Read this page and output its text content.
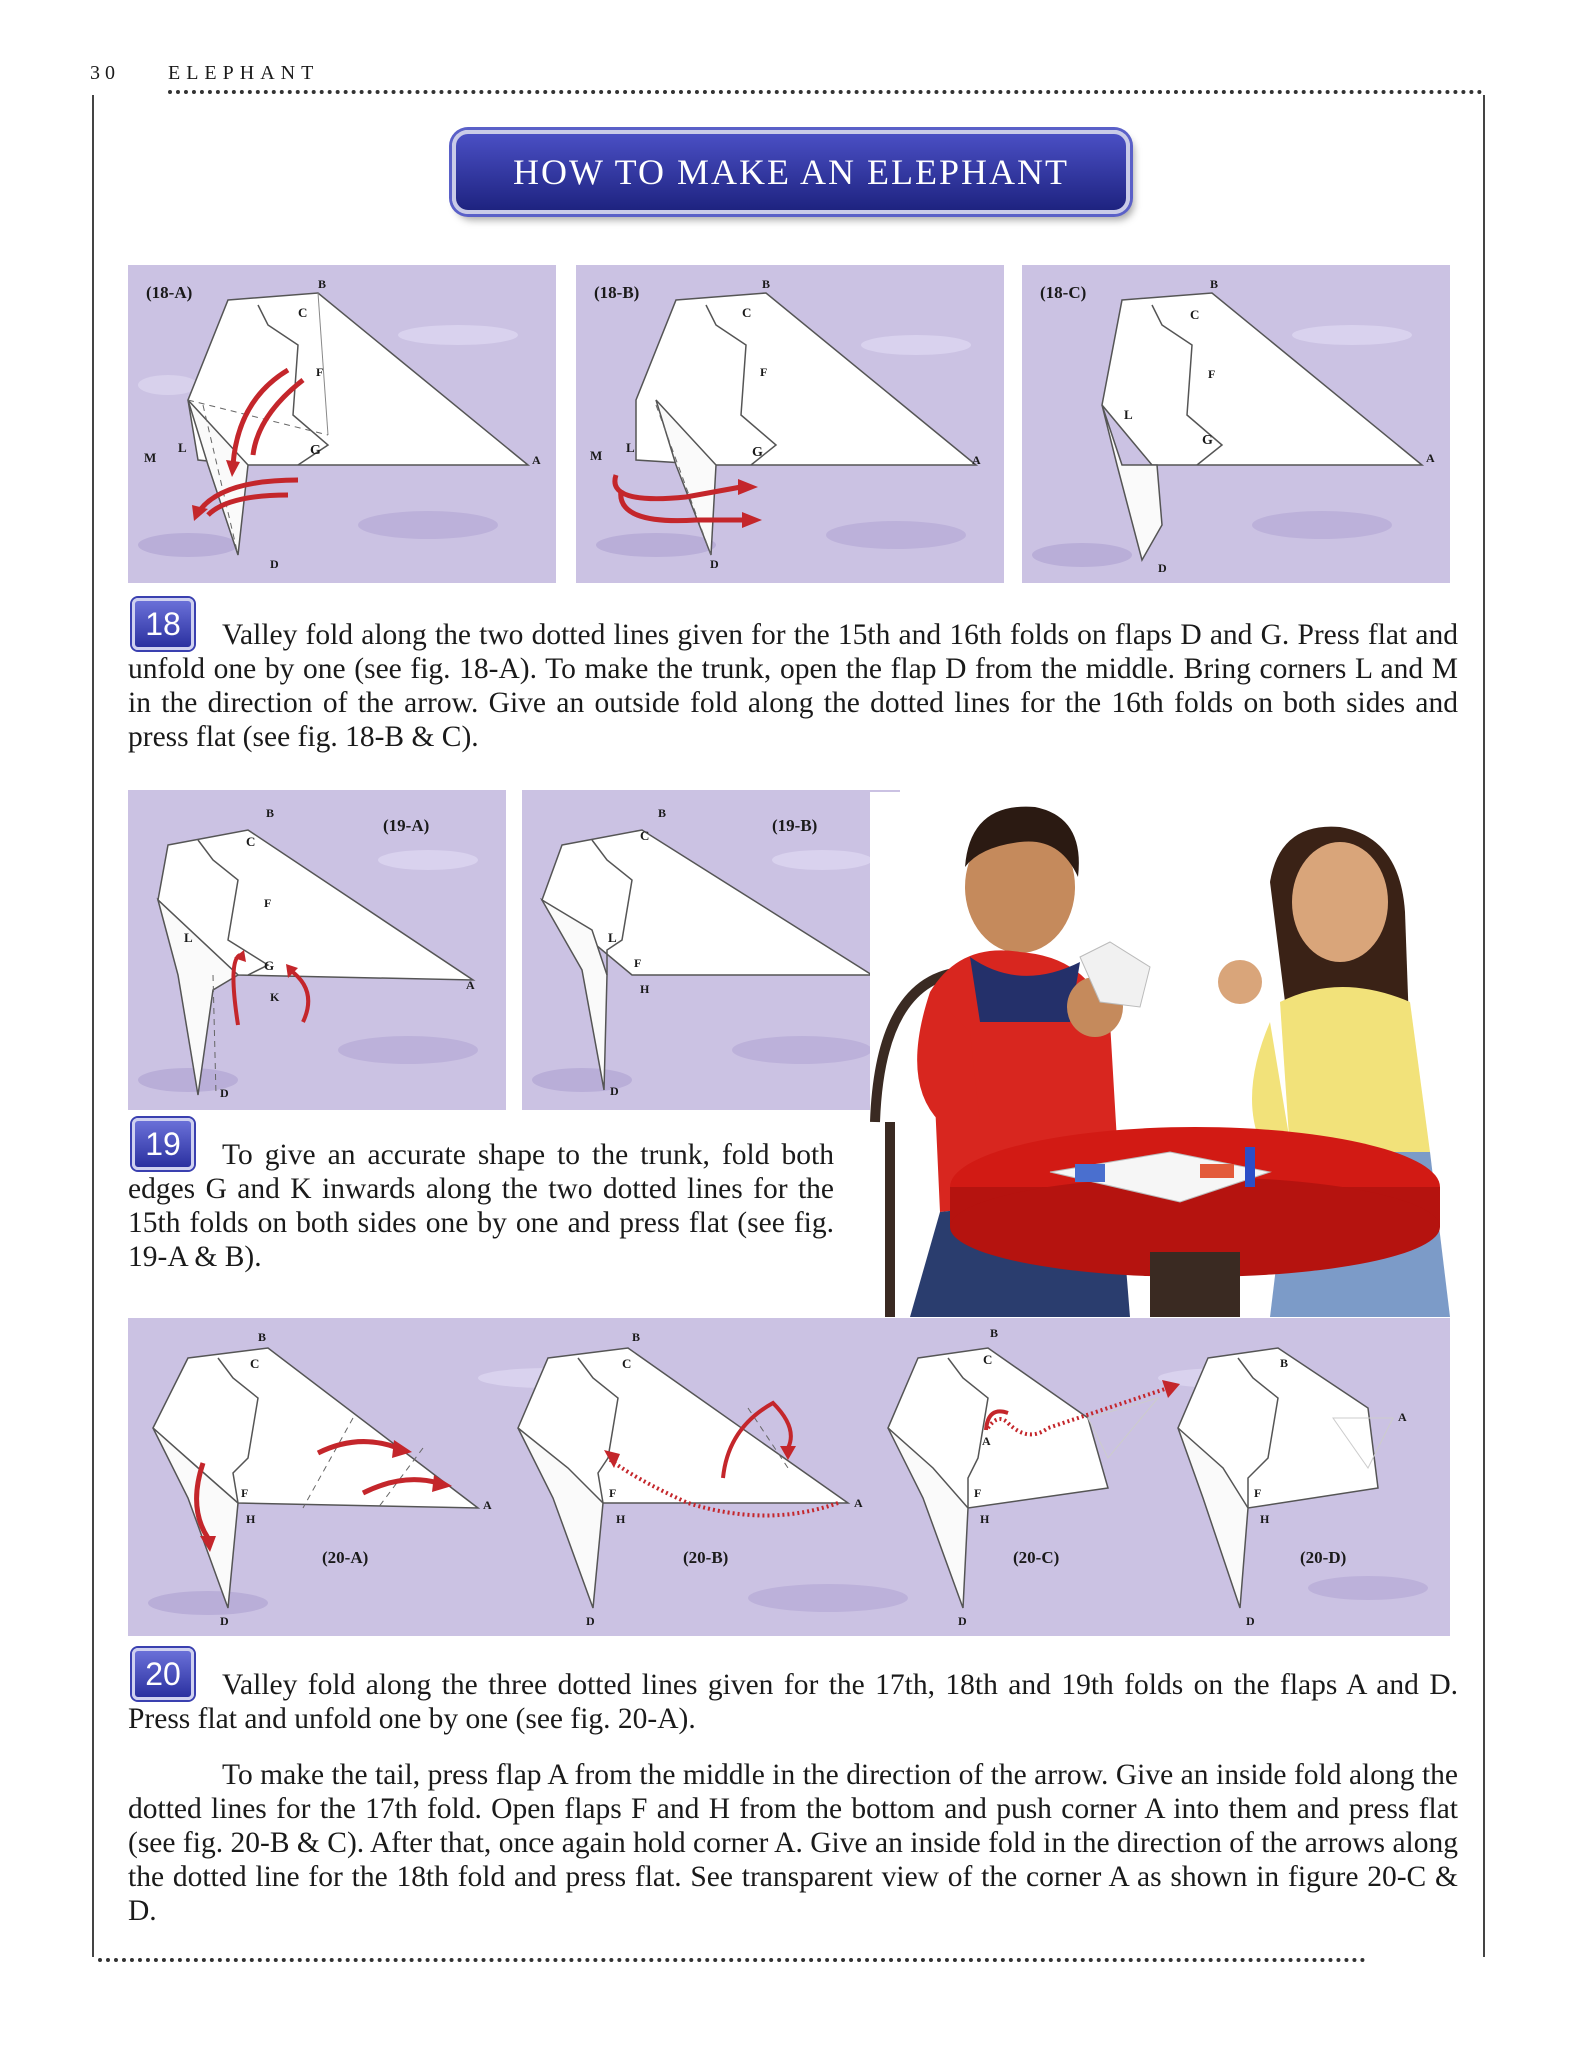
30 ELEPHANT
HOW TO MAKE AN ELEPHANT
(18-A)	B
C
F
L
M	G
A
D
(18-B)	B
C
F
L
M	G	A
D
(18-C)	B
C
F
L
G
A
D
18	Valley fold along the two dotted lines given for the 15th and 16th folds on flaps D and G. Press flat and unfold one by one (see fig. 18-A). To make the trunk, open the flap D from the middle. Bring corners L and M in the direction of the arrow. Give an outside fold along the dotted lines for the 16th folds on both sides and press flat (see fig. 18-B & C).
(19-A)
B
C
F
L
G
K
A
D
(19-B)
B
C
L
F
H
D
19	To give an accurate shape to the trunk, fold both edges G and K inwards along the two dotted lines for the 15th folds on both sides one by one and press flat (see fig. 19-A & B).
B
C
F
H
A
D
(20-A)
B
C
F
H
A
D
(20-B)
B
C
A
F
H
D
(20-C)
B
A
F
H
D
(20-D)
20	Valley fold along the three dotted lines given for the 17th, 18th and 19th folds on the flaps A and D. Press flat and unfold one by one (see fig. 20-A).
To make the tail, press flap A from the middle in the direction of the arrow. Give an inside fold along the dotted lines for the 17th fold. Open flaps F and H from the bottom and push corner A into them and press flat (see fig. 20-B & C). After that, once again hold corner A. Give an inside fold in the direction of the arrows along the dotted line for the 18th fold and press flat. See transparent view of the corner A as shown in figure 20-C & D.
